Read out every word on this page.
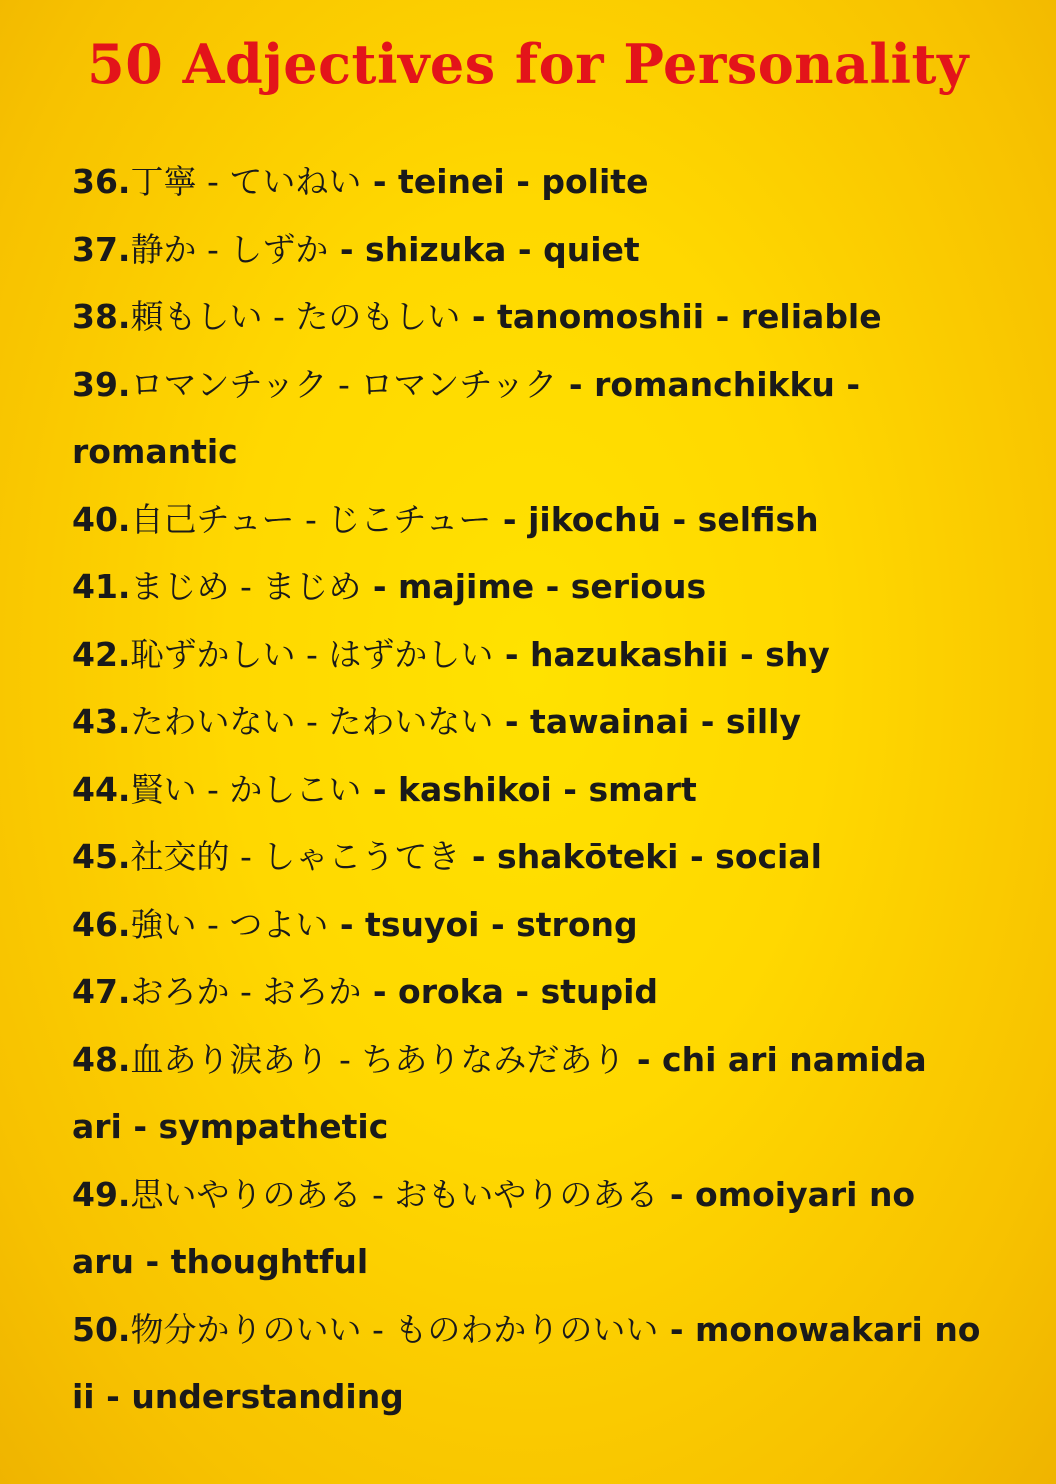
50 Adjectives for Personality
36.丁寧 - ていねい - teinei - polite
37.静か - しずか - shizuka - quiet
38.頼もしい - たのもしい - tanomoshii - reliable
39.ロマンチック - ロマンチック - romanchikku -
romantic
40.自己チュー - じこチュー - jikochū - selfish
41.まじめ - まじめ - majime - serious
42.恥ずかしい - はずかしい - hazukashii - shy
43.たわいない - たわいない - tawainai - silly
44.賢い - かしこい - kashikoi - smart
45.社交的 - しゃこうてき - shakōteki - social
46.強い - つよい - tsuyoi - strong
47.おろか - おろか - oroka - stupid
48.血あり涙あり - ちありなみだあり - chi ari namida
ari - sympathetic
49.思いやりのある - おもいやりのある - omoiyari no
aru - thoughtful
50.物分かりのいい - ものわかりのいい - monowakari no
ii - understanding
